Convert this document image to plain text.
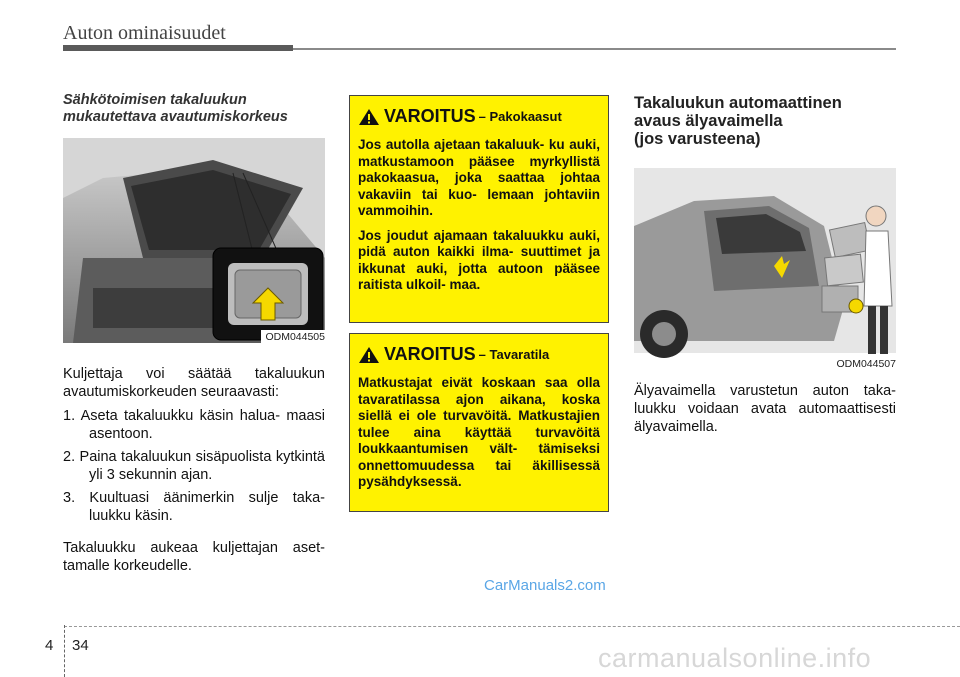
Auton ominaisuudet
Sähkötoimisen takaluukun
mukautettava avautumiskorkeus
ODM044505

Kuljettaja voi säätää takaluukun avautumiskorkeuden seuraavasti:

1. Aseta takaluukku käsin halua- maasi asentoon.
2. Paina takaluukun sisäpuolista kytkintä yli 3 sekunnin ajan.
3. Kuultuasi äänimerkin sulje taka- luukku käsin.

Takaluukku aukeaa kuljettajan aset- tamalle korkeudelle.

VAROITUS – Pakokaasut

Jos autolla ajetaan takaluuk- ku auki, matkustamoon pääsee myrkyllistä pakokaasua, joka saattaa johtaa vakaviin tai kuo- lemaan johtaviin vammoihin.

Jos joudut ajamaan takaluukku auki, pidä auton kaikki ilma- suuttimet ja ikkunat auki, jotta autoon pääsee raitista ulkoil- maa.

VAROITUS – Tavaratila

Matkustajat eivät koskaan saa olla tavaratilassa ajon aikana, koska siellä ei ole turvavöitä. Matkustajien tulee aina käyttää turvavöitä loukkaantumisen vält- tämiseksi onnettomuudessa tai äkillisessä pysähdyksessä.

Takaluukun automaattinen
avaus älyavaimella
(jos varusteena)
ODM044507

Älyavaimella varustetun auton taka- luukku voidaan avata automaattisesti älyavaimella.

4 34
CarManuals2.com
carmanualsonline.info
